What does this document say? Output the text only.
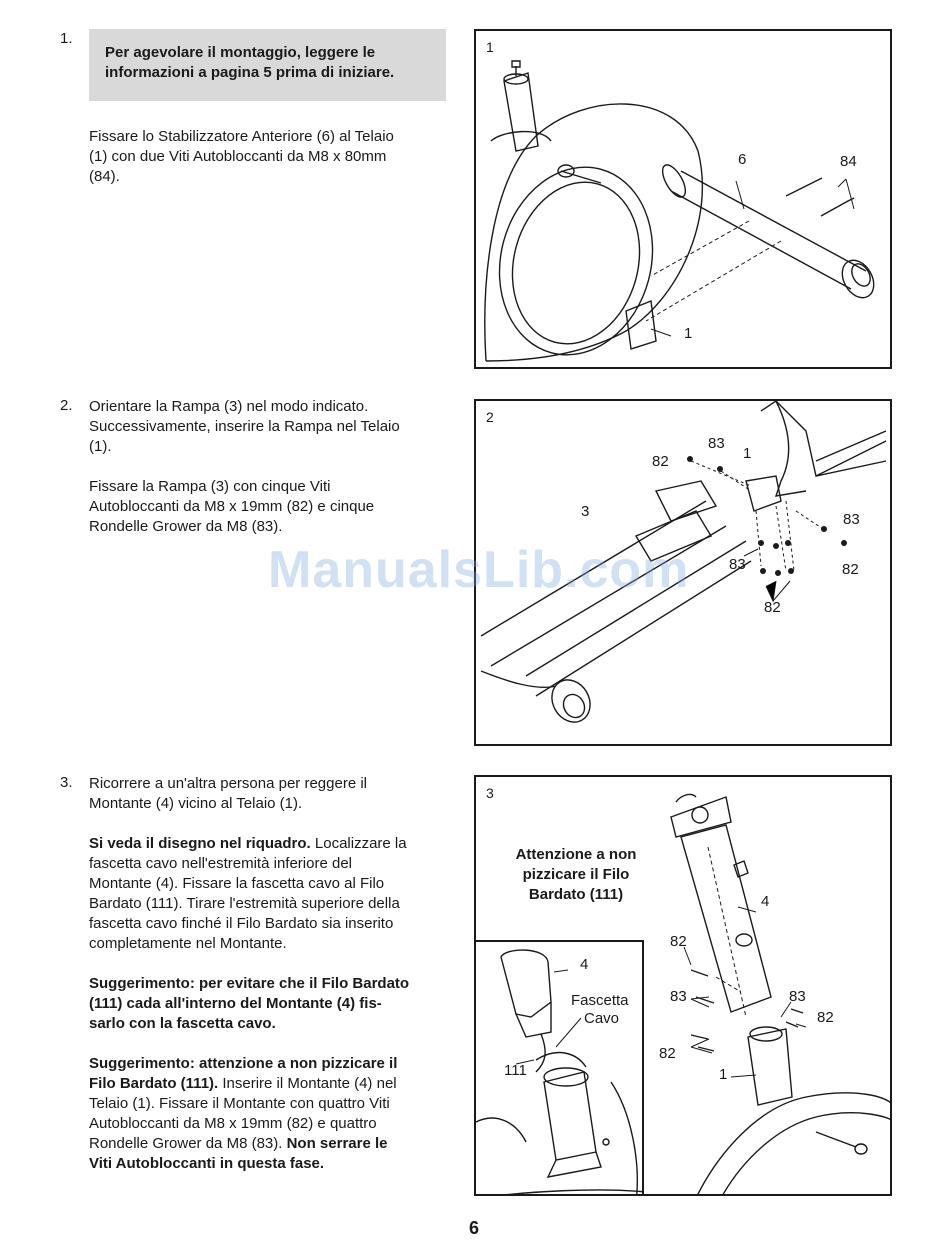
1.
Per agevolare il montaggio, leggere le
informazioni a pagina 5 prima di iniziare.

Fissare lo Stabilizzatore Anteriore (6) al Telaio
(1) con due Viti Autobloccanti da M8 x 80mm
(84).

1
6	84
1
2. Orientare la Rampa (3) nel modo indicato.
Successivamente, inserire la Rampa nel Telaio
(1).

Fissare la Rampa (3) con cinque Viti
Autobloccanti da M8 x 19mm (82) e cinque
Rondelle Grower da M8 (83).

2
83
82	1
3	83
82
83
82
3. Ricorrere a un'altra persona per reggere il
Montante (4) vicino al Telaio (1).

Si veda il disegno nel riquadro. Localizzare la
fascetta cavo nell'estremità inferiore del
Montante (4). Fissare la fascetta cavo al Filo
Bardato (111). Tirare l'estremità superiore della
fascetta cavo finché il Filo Bardato sia inserito
completamente nel Montante.

Suggerimento: per evitare che il Filo Bardato
(111) cada all'interno del Montante (4) fis-
sarlo con la fascetta cavo.

Suggerimento: attenzione a non pizzicare il
Filo Bardato (111). Inserire il Montante (4) nel
Telaio (1). Fissare il Montante con quattro Viti
Autobloccanti da M8 x 19mm (82) e quattro
Rondelle Grower da M8 (83). Non serrare le
Viti Autobloccanti in questa fase.

3
Attenzione a non
pizzicare il Filo
Bardato (111)
4
Fascetta
Cavo
111
4
82
83	83
82
82
1
ManualsLib.com
6
